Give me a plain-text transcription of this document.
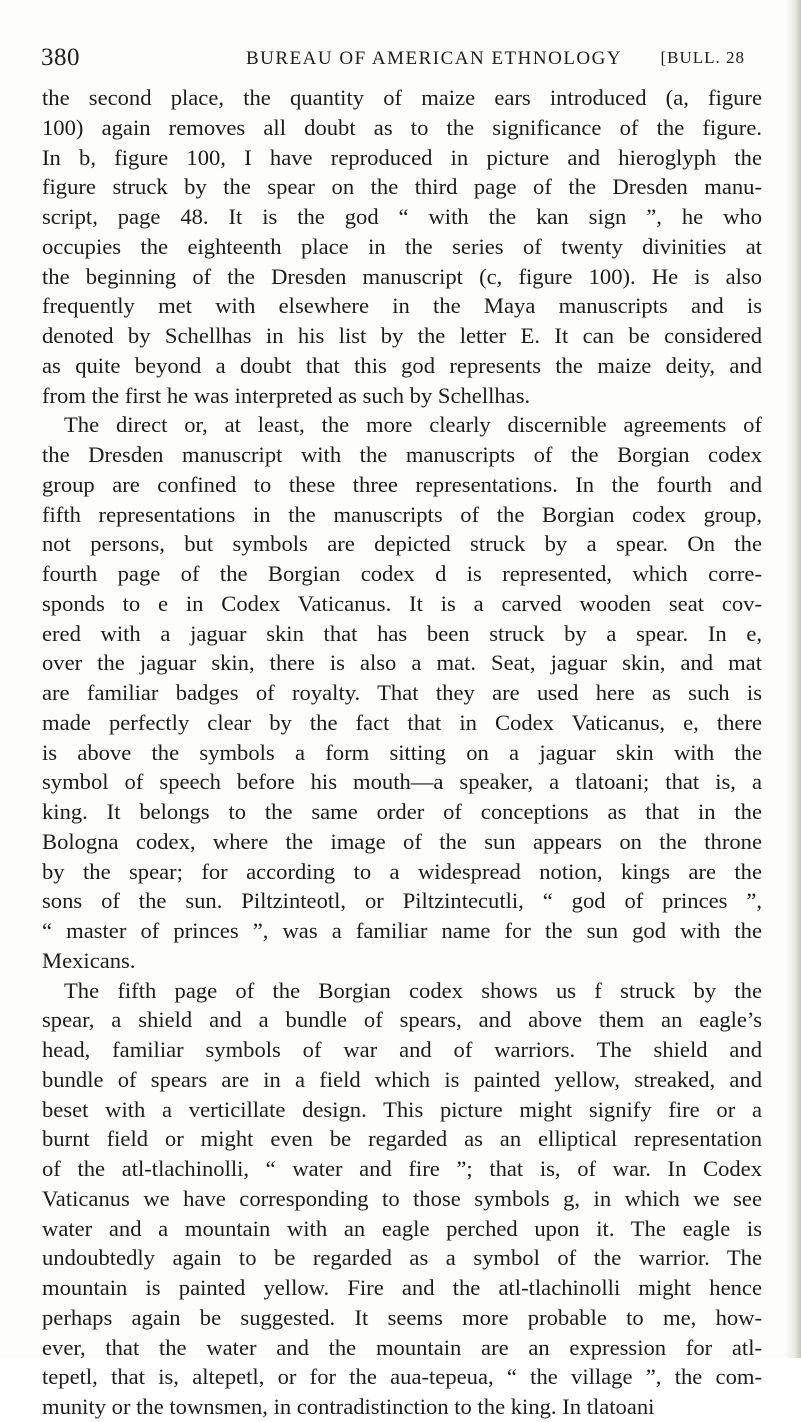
380	BUREAU OF AMERICAN ETHNOLOGY [BULL. 28
the second place, the quantity of maize ears introduced (a, figure
100) again removes all doubt as to the significance of the figure.
In b, figure 100, I have reproduced in picture and hieroglyph the
figure struck by the spear on the third page of the Dresden manu-
script, page 48. It is the god “ with the kan sign ”, he who
occupies the eighteenth place in the series of twenty divinities at
the beginning of the Dresden manuscript (c, figure 100). He is also
frequently met with elsewhere in the Maya manuscripts and is
denoted by Schellhas in his list by the letter E. It can be considered
as quite beyond a doubt that this god represents the maize deity, and
from the first he was interpreted as such by Schellhas.
The direct or, at least, the more clearly discernible agreements of
the Dresden manuscript with the manuscripts of the Borgian codex
group are confined to these three representations. In the fourth and
fifth representations in the manuscripts of the Borgian codex group,
not persons, but symbols are depicted struck by a spear. On the
fourth page of the Borgian codex d is represented, which corre-
sponds to e in Codex Vaticanus. It is a carved wooden seat cov-
ered with a jaguar skin that has been struck by a spear. In e,
over the jaguar skin, there is also a mat. Seat, jaguar skin, and mat
are familiar badges of royalty. That they are used here as such is
made perfectly clear by the fact that in Codex Vaticanus, e, there
is above the symbols a form sitting on a jaguar skin with the
symbol of speech before his mouth—a speaker, a tlatoani; that is, a
king. It belongs to the same order of conceptions as that in the
Bologna codex, where the image of the sun appears on the throne
by the spear; for according to a widespread notion, kings are the
sons of the sun. Piltzinteotl, or Piltzintecutli, “ god of princes ”,
“ master of princes ”, was a familiar name for the sun god with the
Mexicans.
The fifth page of the Borgian codex shows us f struck by the
spear, a shield and a bundle of spears, and above them an eagle’s
head, familiar symbols of war and of warriors. The shield and
bundle of spears are in a field which is painted yellow, streaked, and
beset with a verticillate design. This picture might signify fire or a
burnt field or might even be regarded as an elliptical representation
of the atl-tlachinolli, “ water and fire ”; that is, of war. In Codex
Vaticanus we have corresponding to those symbols g, in which we see
water and a mountain with an eagle perched upon it. The eagle is
undoubtedly again to be regarded as a symbol of the warrior. The
mountain is painted yellow. Fire and the atl-tlachinolli might hence
perhaps again be suggested. It seems more probable to me, how-
ever, that the water and the mountain are an expression for atl-
tepetl, that is, altepetl, or for the aua-tepeua, “ the village ”, the com-
munity or the townsmen, in contradistinction to the king. In tlatoani
